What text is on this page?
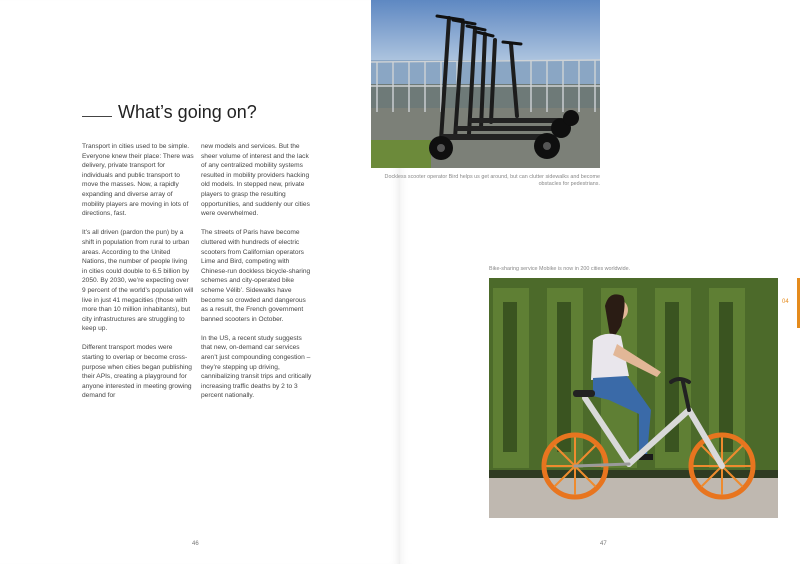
What’s going on?

Transport in cities used to be simple. Everyone knew their place: There was delivery, private transport for individuals and public transport to move the masses. Now, a rapidly expanding and diverse array of mobility players are moving in lots of directions, fast.

It’s all driven (pardon the pun) by a shift in population from rural to urban areas. According to the United Nations, the number of people living in cities could double to 6.5 billion by 2050. By 2030, we’re expecting over 9 percent of the world’s population will live in just 41 megacities (those with more than 10 million inhabitants), but city infrastructures are struggling to keep up.

Different transport modes were starting to overlap or become cross-purpose when cities began publishing their APIs, creating a playground for anyone interested in meeting growing demand for

new models and services. But the sheer volume of interest and the lack of any centralized mobility systems resulted in mobility providers hacking old models. In stepped new, private players to grasp the resulting opportunities, and suddenly our cities were overwhelmed.

The streets of Paris have become cluttered with hundreds of electric scooters from Californian operators Lime and Bird, competing with Chinese-run dockless bicycle-sharing schemes and city-operated bike scheme Vélib’. Sidewalks have become so crowded and dangerous as a result, the French government banned scooters in October.

In the US, a recent study suggests that new, on-demand car services aren’t just compounding congestion – they’re stepping up driving, cannibalizing transit trips and critically increasing traffic deaths by 2 to 3 percent nationally.

46	47
Dockless scooter operator Bird helps us get around, but can clutter sidewalks and become obstacles for pedestrians.
Bike-sharing service Mobike is now in 200 cities worldwide.
04
